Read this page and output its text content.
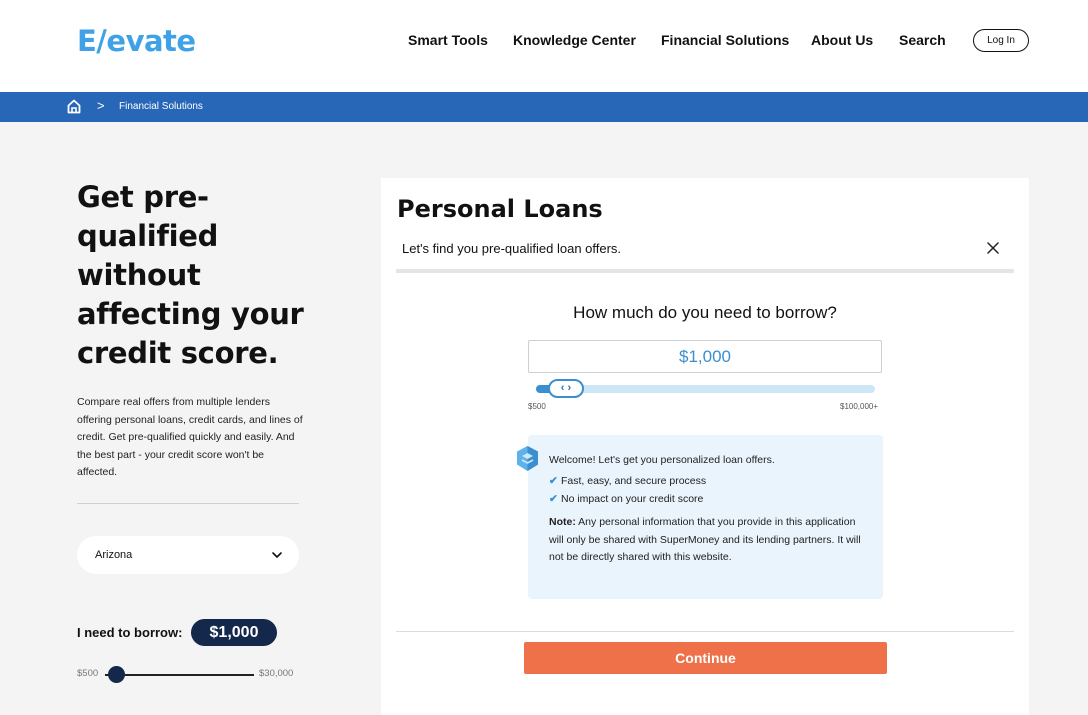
E/evate	Smart Tools Knowledge Center Financial Solutions About Us Search	Log In
> Financial Solutions
Get pre-
qualified
without
affecting your
credit score.

Compare real offers from multiple lenders offering personal loans, credit cards, and lines of credit. Get pre-qualified quickly and easily. And the best part - your credit score won't be affected.

Arizona
I need to borrow:	$1,000
$500	$30,000
Personal Loans
Let's find you pre-qualified loan offers.
How much do you need to borrow?
$1,000
‹ ›
$500	$100,000+
Welcome! Let's get you personalized loan offers.
✔ Fast, easy, and secure process
✔ No impact on your credit score
Note: Any personal information that you provide in this application will only be shared with SuperMoney and its lending partners. It will not be directly shared with this website.
Continue
